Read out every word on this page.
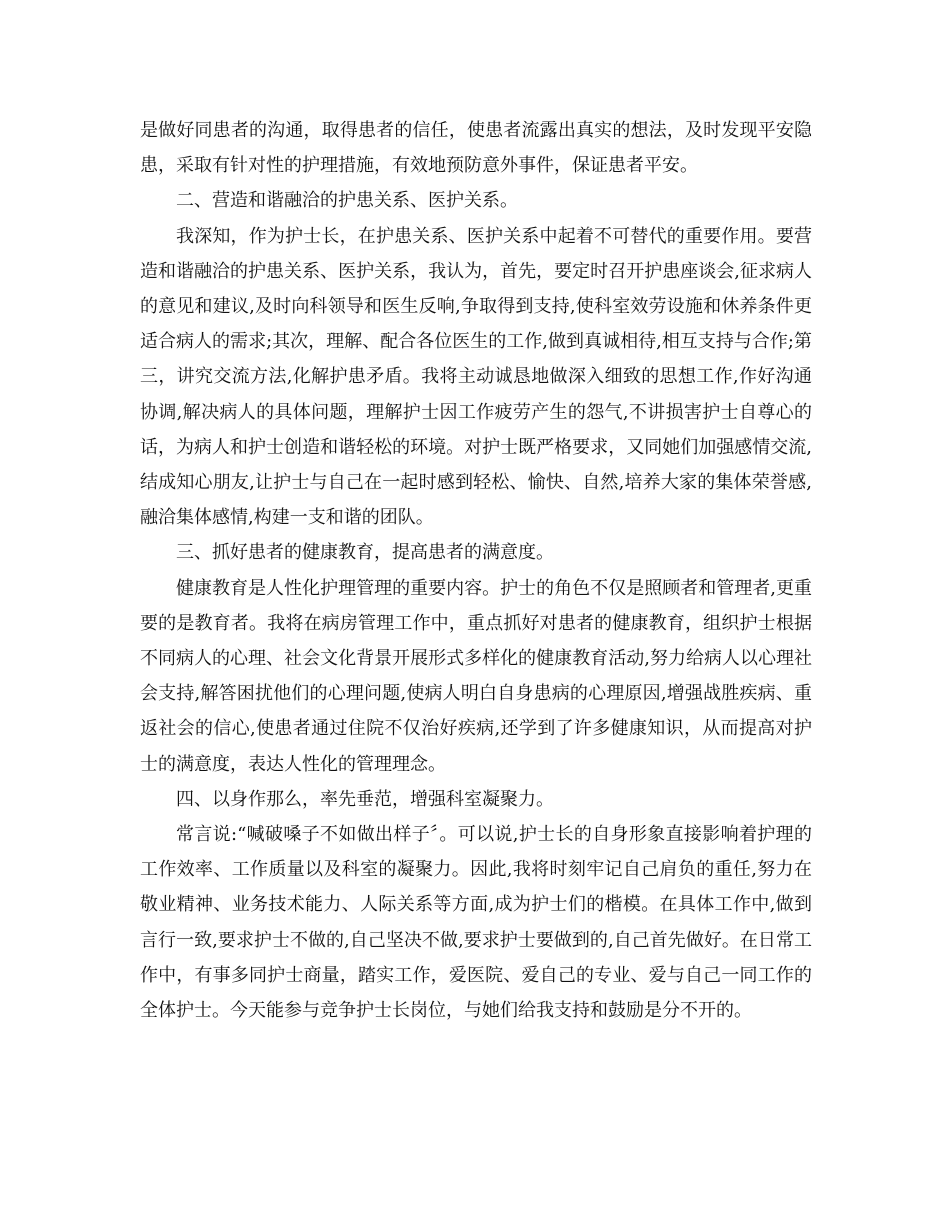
是做好同患者的沟通，取得患者的信任，使患者流露出真实的想法，及时发现平安隐患，采取有针对性的护理措施，有效地预防意外事件，保证患者平安。

二、营造和谐融洽的护患关系、医护关系。

我深知，作为护士长，在护患关系、医护关系中起着不可替代的重要作用。要营造和谐融洽的护患关系、医护关系，我认为，首先，要定时召开护患座谈会,征求病人的意见和建议,及时向科领导和医生反响,争取得到支持,使科室效劳设施和休养条件更适合病人的需求;其次，理解、配合各位医生的工作,做到真诚相待,相互支持与合作;第三，讲究交流方法,化解护患矛盾。我将主动诚恳地做深入细致的思想工作,作好沟通协调,解决病人的具体问题，理解护士因工作疲劳产生的怨气,不讲损害护士自尊心的话，为病人和护士创造和谐轻松的环境。对护士既严格要求，又同她们加强感情交流,结成知心朋友,让护士与自己在一起时感到轻松、愉快、自然,培养大家的集体荣誉感,融洽集体感情,构建一支和谐的团队。

三、抓好患者的健康教育，提高患者的满意度。

健康教育是人性化护理管理的重要内容。护士的角色不仅是照顾者和管理者,更重要的是教育者。我将在病房管理工作中，重点抓好对患者的健康教育，组织护士根据不同病人的心理、社会文化背景开展形式多样化的健康教育活动,努力给病人以心理社会支持,解答困扰他们的心理问题,使病人明白自身患病的心理原因,增强战胜疾病、重返社会的信心,使患者通过住院不仅治好疾病,还学到了许多健康知识，从而提高对护士的满意度，表达人性化的管理理念。

四、以身作那么，率先垂范，增强科室凝聚力。

常言说:“喊破嗓子不如做出样子〞。可以说,护士长的自身形象直接影响着护理的工作效率、工作质量以及科室的凝聚力。因此,我将时刻牢记自己肩负的重任,努力在敬业精神、业务技术能力、人际关系等方面,成为护士们的楷模。在具体工作中,做到言行一致,要求护士不做的,自己坚决不做,要求护士要做到的,自己首先做好。在日常工作中，有事多同护士商量，踏实工作，爱医院、爱自己的专业、爱与自己一同工作的全体护士。今天能参与竞争护士长岗位，与她们给我支持和鼓励是分不开的。
